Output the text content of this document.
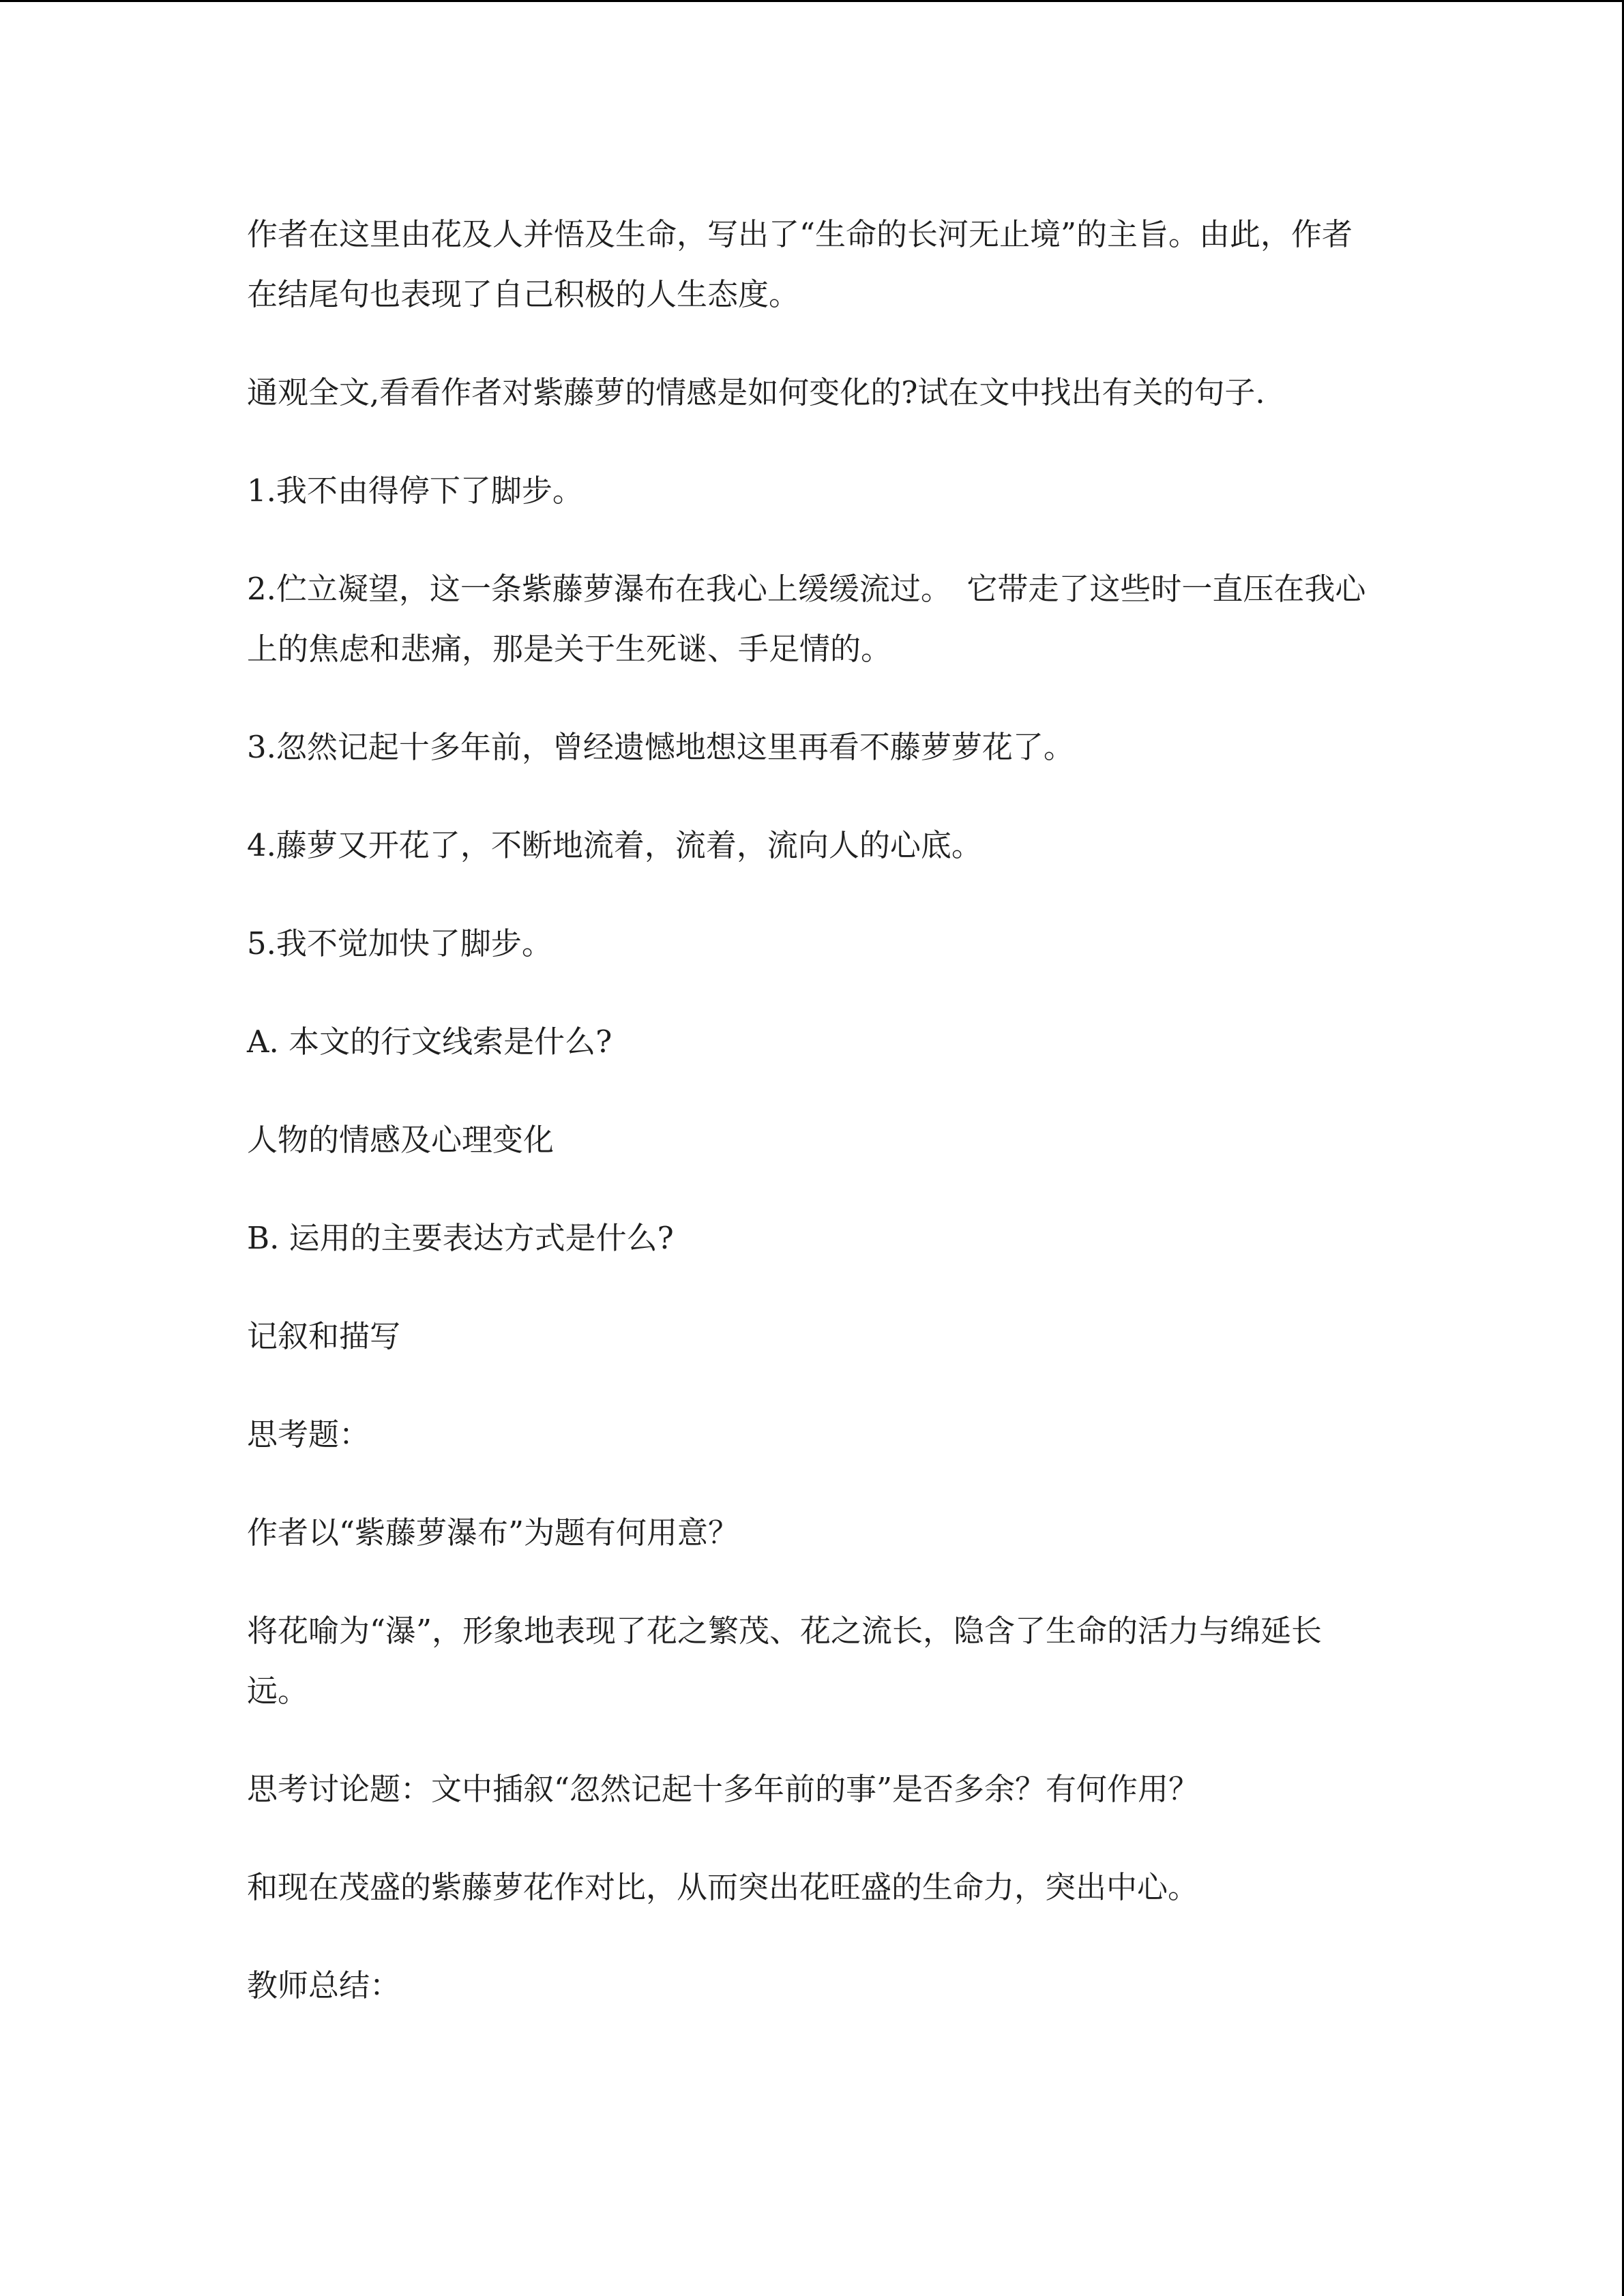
作者在这里由花及人并悟及生命，写出了“生命的长河无止境”的主旨。由此，作者在结尾句也表现了自己积极的人生态度。

通观全文,看看作者对紫藤萝的情感是如何变化的?试在文中找出有关的句子.

1.我不由得停下了脚步。

2.伫立凝望，这一条紫藤萝瀑布在我心上缓缓流过。　它带走了这些时一直压在我心上的焦虑和悲痛，那是关于生死谜、手足情的。

3.忽然记起十多年前，曾经遗憾地想这里再看不藤萝萝花了。

4.藤萝又开花了，不断地流着，流着，流向人的心底。

5.我不觉加快了脚步。

A. 本文的行文线索是什么?

人物的情感及心理变化

B. 运用的主要表达方式是什么?

记叙和描写

思考题：

作者以“紫藤萝瀑布”为题有何用意？

将花喻为“瀑”，形象地表现了花之繁茂、花之流长，隐含了生命的活力与绵延长远。

思考讨论题：文中插叙“忽然记起十多年前的事”是否多余？有何作用？

和现在茂盛的紫藤萝花作对比，从而突出花旺盛的生命力，突出中心。

教师总结：
